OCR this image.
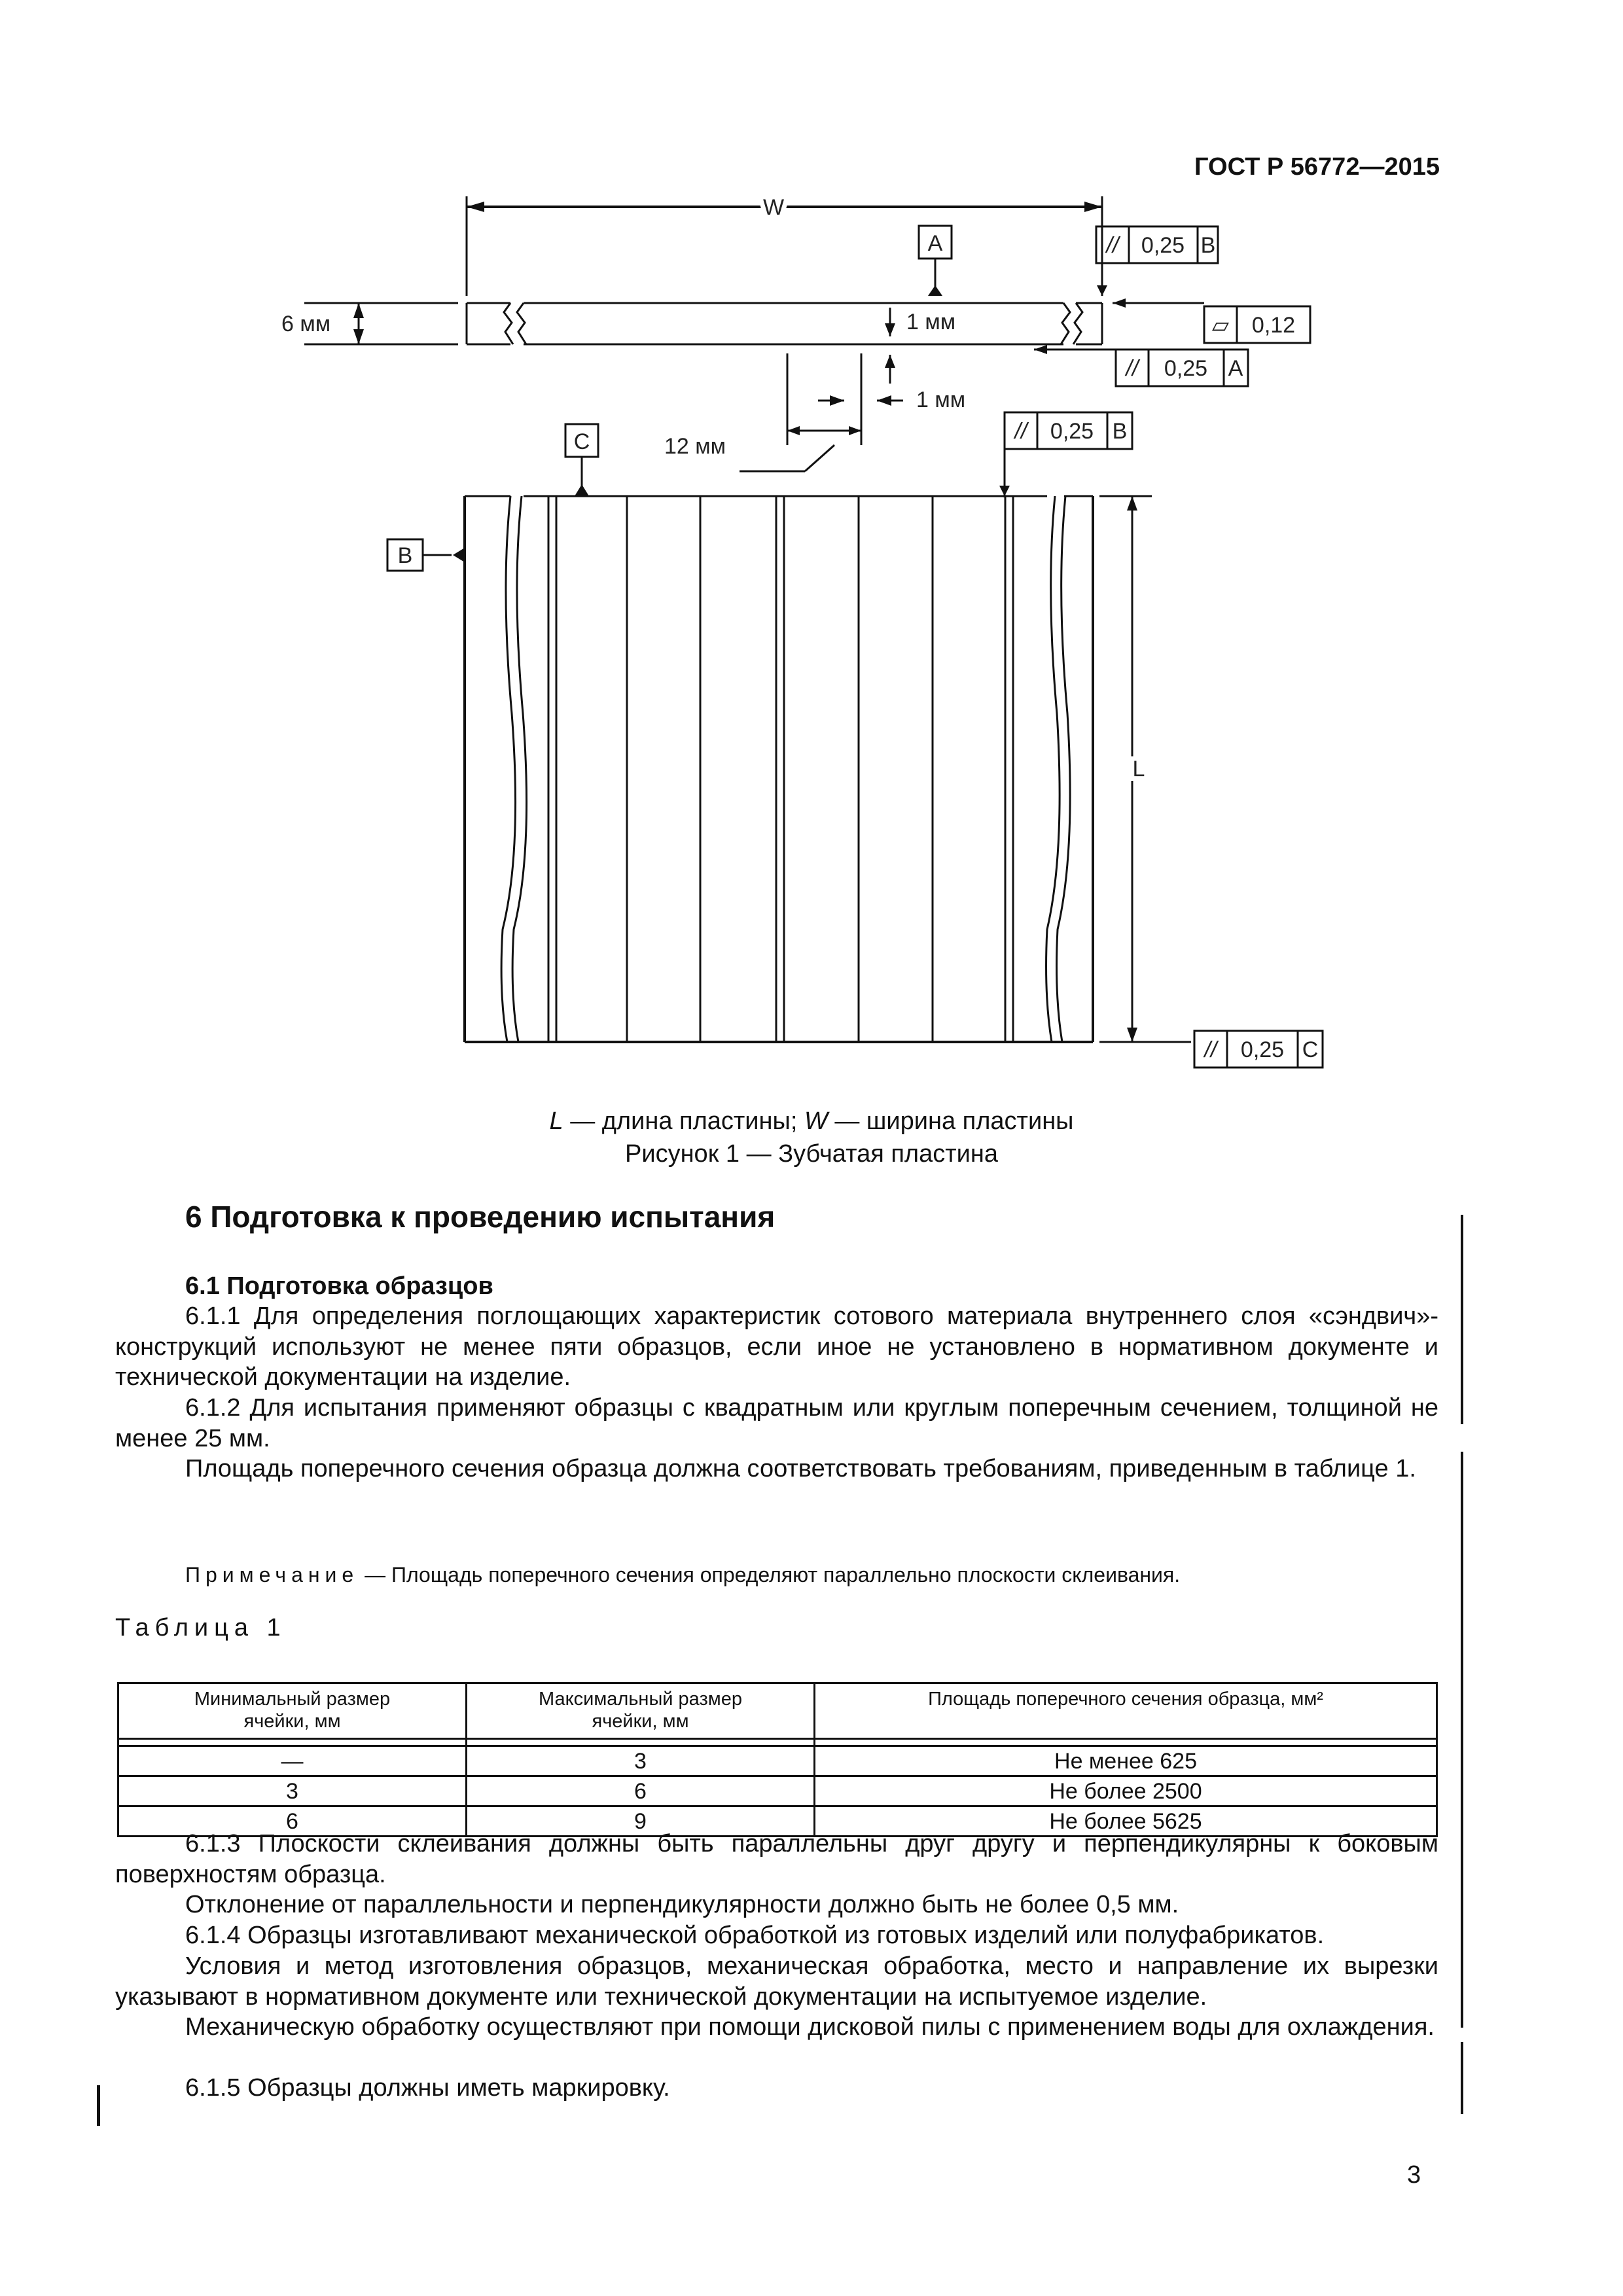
ГОСТ Р 56772—2015
W
6 мм	1 мм
1 мм
12 мм
L
A
C
B
// 0,25 B
▱ 0,12
// 0,25 A
// 0,25 B
// 0,25 C
L — длина пластины; W — ширина пластины
Рисунок 1 — Зубчатая пластина
6 Подготовка к проведению испытания
6.1 Подготовка образцов
6.1.1 Для определения поглощающих характеристик сотового материала внутреннего слоя «сэндвич»-конструкций используют не менее пяти образцов, если иное не установлено в нормативном документе и технической документации на изделие.
6.1.2 Для испытания применяют образцы с квадратным или круглым поперечным сечением, толщиной не менее 25 мм.
Площадь поперечного сечения образца должна соответствовать требованиям, приведенным в таблице 1.
Примечание — Площадь поперечного сечения определяют параллельно плоскости склеивания.
Таблица 1
Минимальный размер ячейки, мм	Максимальный размер ячейки, мм	Площадь поперечного сечения образца, мм²

—	3	Не менее 625
3	6	Не более 2500
6	9	Не более 5625
6.1.3 Плоскости склеивания должны быть параллельны друг другу и перпендикулярны к боковым поверхностям образца.
Отклонение от параллельности и перпендикулярности должно быть не более 0,5 мм.
6.1.4 Образцы изготавливают механической обработкой из готовых изделий или полуфабрикатов.
Условия и метод изготовления образцов, механическая обработка, место и направление их вырезки указывают в нормативном документе или технической документации на испытуемое изделие.
Механическую обработку осуществляют при помощи дисковой пилы с применением воды для охлаждения.
6.1.5 Образцы должны иметь маркировку.
3
